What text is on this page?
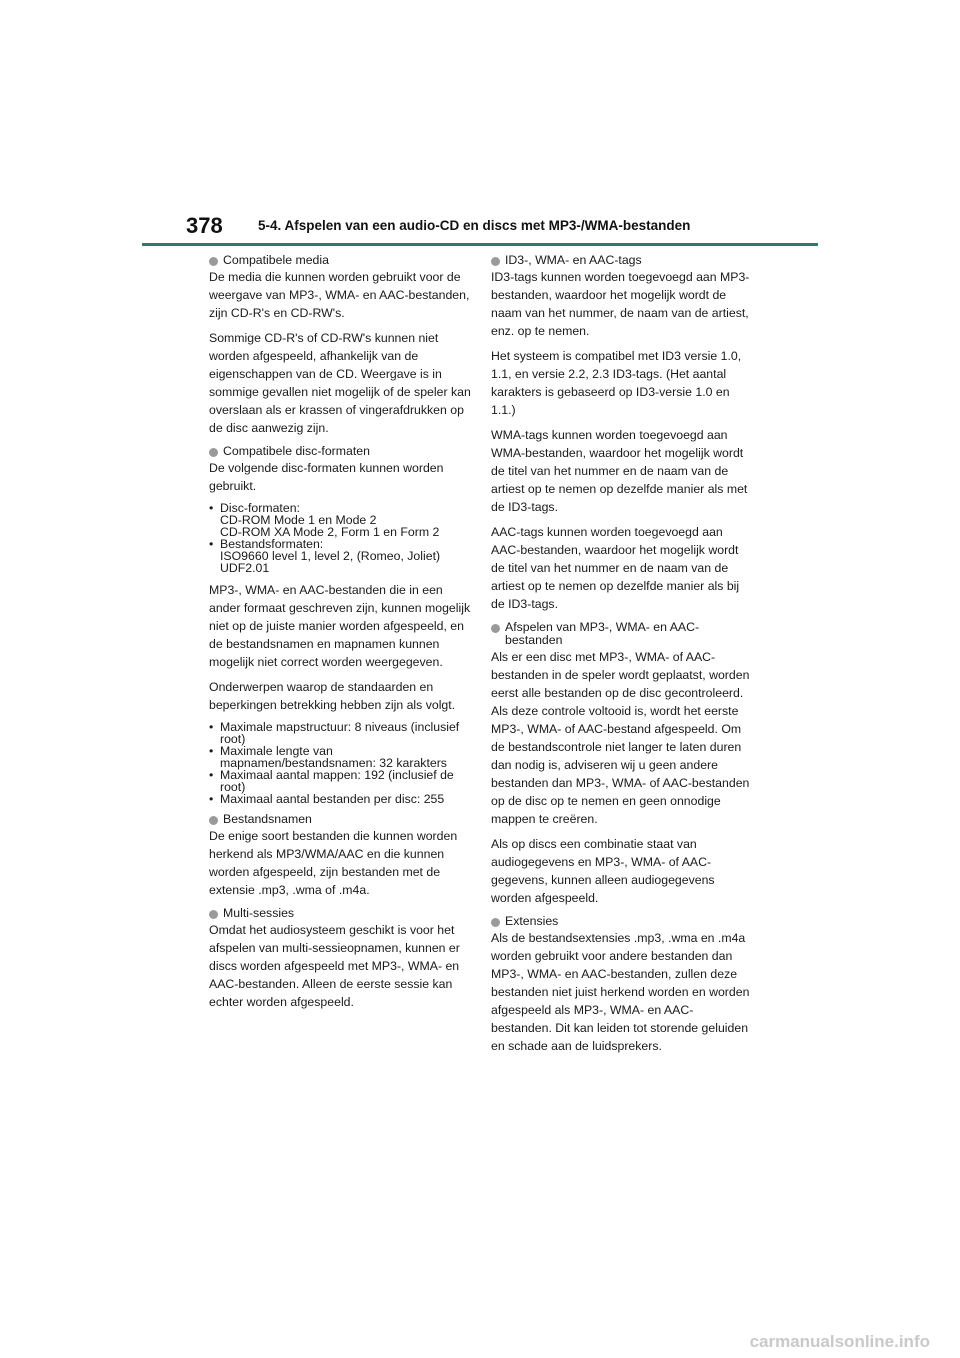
378	5-4. Afspelen van een audio-CD en discs met MP3-/WMA-bestanden
Compatibele media

De media die kunnen worden gebruikt voor de weergave van MP3-, WMA- en AAC-bestanden, zijn CD-R's en CD-RW's.

Sommige CD-R's of CD-RW's kunnen niet worden afgespeeld, afhankelijk van de eigenschappen van de CD. Weergave is in sommige gevallen niet mogelijk of de speler kan overslaan als er krassen of vingerafdrukken op de disc aanwezig zijn.

Compatibele disc-formaten

De volgende disc-formaten kunnen worden gebruikt.

• Disc-formaten:
CD-ROM Mode 1 en Mode 2
CD-ROM XA Mode 2, Form 1 en Form 2
• Bestandsformaten:
ISO9660 level 1, level 2, (Romeo, Joliet)
UDF2.01

MP3-, WMA- en AAC-bestanden die in een ander formaat geschreven zijn, kunnen mogelijk niet op de juiste manier worden afgespeeld, en de bestandsnamen en mapnamen kunnen mogelijk niet correct worden weergegeven.

Onderwerpen waarop de standaarden en beperkingen betrekking hebben zijn als volgt.

• Maximale mapstructuur: 8 niveaus (inclusief root)
• Maximale lengte van mapnamen/bestandsnamen: 32 karakters
• Maximaal aantal mappen: 192 (inclusief de root)
• Maximaal aantal bestanden per disc: 255
Bestandsnamen

De enige soort bestanden die kunnen worden herkend als MP3/WMA/AAC en die kunnen worden afgespeeld, zijn bestanden met de extensie .mp3, .wma of .m4a.

Multi-sessies

Omdat het audiosysteem geschikt is voor het afspelen van multi-sessieopnamen, kunnen er discs worden afgespeeld met MP3-, WMA- en AAC-bestanden. Alleen de eerste sessie kan echter worden afgespeeld.

ID3-, WMA- en AAC-tags

ID3-tags kunnen worden toegevoegd aan MP3-bestanden, waardoor het mogelijk wordt de naam van het nummer, de naam van de artiest, enz. op te nemen.

Het systeem is compatibel met ID3 versie 1.0, 1.1, en versie 2.2, 2.3 ID3-tags. (Het aantal karakters is gebaseerd op ID3-versie 1.0 en 1.1.)

WMA-tags kunnen worden toegevoegd aan WMA-bestanden, waardoor het mogelijk wordt de titel van het nummer en de naam van de artiest op te nemen op dezelfde manier als met de ID3-tags.

AAC-tags kunnen worden toegevoegd aan AAC-bestanden, waardoor het mogelijk wordt de titel van het nummer en de naam van de artiest op te nemen op dezelfde manier als bij de ID3-tags.

Afspelen van MP3-, WMA- en AAC-bestanden

Als er een disc met MP3-, WMA- of AAC-bestanden in de speler wordt geplaatst, worden eerst alle bestanden op de disc gecontroleerd. Als deze controle voltooid is, wordt het eerste MP3-, WMA- of AAC-bestand afgespeeld. Om de bestandscontrole niet langer te laten duren dan nodig is, adviseren wij u geen andere bestanden dan MP3-, WMA- of AAC-bestanden op de disc op te nemen en geen onnodige mappen te creëren.

Als op discs een combinatie staat van audiogegevens en MP3-, WMA- of AAC-gegevens, kunnen alleen audiogegevens worden afgespeeld.

Extensies

Als de bestandsextensies .mp3, .wma en .m4a worden gebruikt voor andere bestanden dan MP3-, WMA- en AAC-bestanden, zullen deze bestanden niet juist herkend worden en worden afgespeeld als MP3-, WMA- en AAC-bestanden. Dit kan leiden tot storende geluiden en schade aan de luidsprekers.

carmanualsonline.info
